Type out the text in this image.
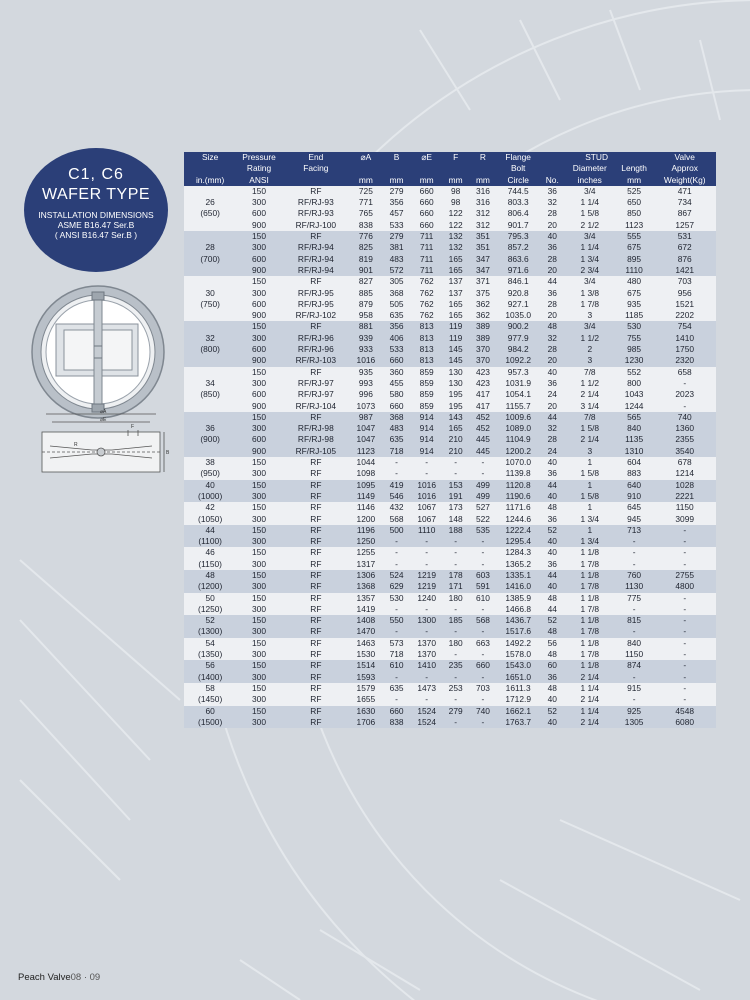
C1, C6
WAFER TYPE
INSTALLATION DIMENSIONS
ASME B16.47 Ser.B
( ANSI B16.47 Ser.B )
⌀A
⌀E
F
R
B
Size	Pressure	End	⌀A	B	⌀E	F	R	Flange	STUD			Valve
	Rating	Facing						Bolt		Diameter	Length	Approx
in.(mm)	ANSI		mm	mm	mm	mm	mm	Circle	No.	inches	mm	Weight(Kg)
	150	RF	725	279	660	98	316	744.5	36	3/4	525	471
26	300	RF/RJ-93	771	356	660	98	316	803.3	32	1 1/4	650	734
(650)	600	RF/RJ-93	765	457	660	122	312	806.4	28	1 5/8	850	867
	900	RF/RJ-100	838	533	660	122	312	901.7	20	2 1/2	1123	1257
	150	RF	776	279	711	132	351	795.3	40	3/4	555	531
28	300	RF/RJ-94	825	381	711	132	351	857.2	36	1 1/4	675	672
(700)	600	RF/RJ-94	819	483	711	165	347	863.6	28	1 3/4	895	876
	900	RF/RJ-94	901	572	711	165	347	971.6	20	2 3/4	1110	1421
	150	RF	827	305	762	137	371	846.1	44	3/4	480	703
30	300	RF/RJ-95	885	368	762	137	375	920.8	36	1 3/8	675	956
(750)	600	RF/RJ-95	879	505	762	165	362	927.1	28	1 7/8	935	1521
	900	RF/RJ-102	958	635	762	165	362	1035.0	20	3	1185	2202
	150	RF	881	356	813	119	389	900.2	48	3/4	530	754
32	300	RF/RJ-96	939	406	813	119	389	977.9	32	1 1/2	755	1410
(800)	600	RF/RJ-96	933	533	813	145	370	984.2	28	2	985	1750
	900	RF/RJ-103	1016	660	813	145	370	1092.2	20	3	1230	2320
	150	RF	935	360	859	130	423	957.3	40	7/8	552	658
34	300	RF/RJ-97	993	455	859	130	423	1031.9	36	1 1/2	800	-
(850)	600	RF/RJ-97	996	580	859	195	417	1054.1	24	2 1/4	1043	2023
	900	RF/RJ-104	1073	660	859	195	417	1155.7	20	3 1/4	1244	-
	150	RF	987	368	914	143	452	1009.6	44	7/8	565	740
36	300	RF/RJ-98	1047	483	914	165	452	1089.0	32	1 5/8	840	1360
(900)	600	RF/RJ-98	1047	635	914	210	445	1104.9	28	2 1/4	1135	2355
	900	RF/RJ-105	1123	718	914	210	445	1200.2	24	3	1310	3540
38	150	RF	1044	-	-	-	-	1070.0	40	1	604	678
(950)	300	RF	1098	-	-	-	-	1139.8	36	1 5/8	883	1214
40	150	RF	1095	419	1016	153	499	1120.8	44	1	640	1028
(1000)	300	RF	1149	546	1016	191	499	1190.6	40	1 5/8	910	2221
42	150	RF	1146	432	1067	173	527	1171.6	48	1	645	1150
(1050)	300	RF	1200	568	1067	148	522	1244.6	36	1 3/4	945	3099
44	150	RF	1196	500	1110	188	535	1222.4	52	1	713	-
(1100)	300	RF	1250	-	-	-	-	1295.4	40	1 3/4	-	-
46	150	RF	1255	-	-	-	-	1284.3	40	1 1/8	-	-
(1150)	300	RF	1317	-	-	-	-	1365.2	36	1 7/8	-	-
48	150	RF	1306	524	1219	178	603	1335.1	44	1 1/8	760	2755
(1200)	300	RF	1368	629	1219	171	591	1416.0	40	1 7/8	1130	4800
50	150	RF	1357	530	1240	180	610	1385.9	48	1 1/8	775	-
(1250)	300	RF	1419	-	-	-	-	1466.8	44	1 7/8	-	-
52	150	RF	1408	550	1300	185	568	1436.7	52	1 1/8	815	-
(1300)	300	RF	1470	-	-	-	-	1517.6	48	1 7/8	-	-
54	150	RF	1463	573	1370	180	663	1492.2	56	1 1/8	840	-
(1350)	300	RF	1530	718	1370	-	-	1578.0	48	1 7/8	1150	-
56	150	RF	1514	610	1410	235	660	1543.0	60	1 1/8	874	-
(1400)	300	RF	1593	-	-	-	-	1651.0	36	2 1/4	-	-
58	150	RF	1579	635	1473	253	703	1611.3	48	1 1/4	915	-
(1450)	300	RF	1655	-	-	-	-	1712.9	40	2 1/4	-	-
60	150	RF	1630	660	1524	279	740	1662.1	52	1 1/4	925	4548
(1500)	300	RF	1706	838	1524	-	-	1763.7	40	2 1/4	1305	6080
Peach Valve08 · 09
